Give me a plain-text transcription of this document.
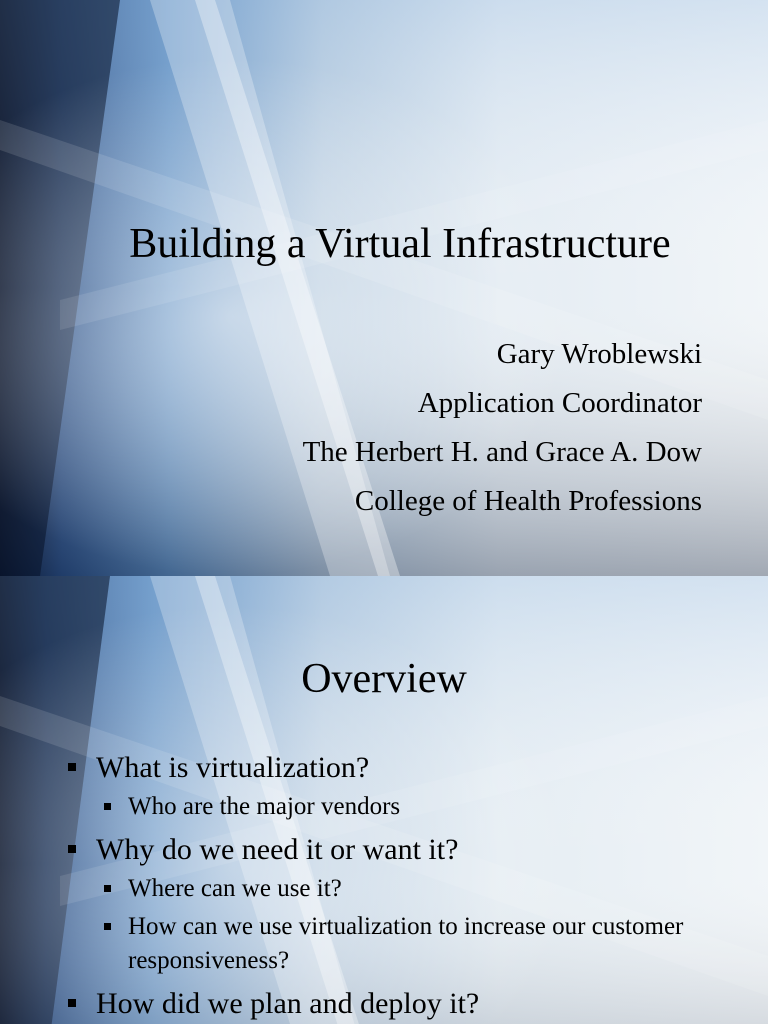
Building a Virtual Infrastructure
Gary Wroblewski
Application Coordinator
The Herbert H. and Grace A. Dow
College of Health Professions
Overview
What is virtualization?
Who are the major vendors
Why do we need it or want it?
Where can we use it?
How can we use virtualization to increase our customer responsiveness?
How did we plan and deploy it?
